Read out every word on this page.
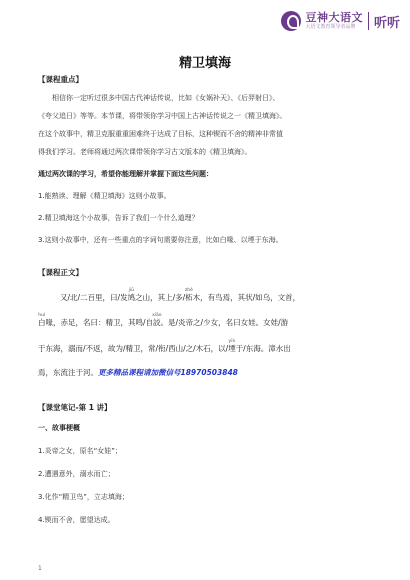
豆神大语文
大语文教育领导者品牌	听听
精卫填海

【课程重点】

相信你一定听过很多中国古代神话传说，比如《女娲补天》、《后羿射日》、

《夸父追日》等等。本节课，将带领你学习中国上古神话传说之一《精卫填海》。

在这个故事中，精卫克服重重困难终于达成了目标，这种锲而不舍的精神非常值

得我们学习。老师将通过两次课带领你学习古文版本的《精卫填海》。

通过两次课的学习，希望你能理解并掌握下面这些问题：

1.能熟读、理解《精卫填海》这则小故事。

2.精卫填海这个小故事，告诉了我们一个什么道理？

3.这则小故事中，还有一些重点的字词句需要你注意，比如白喙、以堙于东海。

【课程正文】

又/北/二百里，曰/发鸠jiū之山，其上/多/柘zhè木，有鸟焉，其状/如乌，文首，
白huì喙，赤足，名曰：精卫，其鸣/自詨xiāo。是/炎帝之/少女，名曰女娃。女娃/游
于东海，溺而/不返，故为/精卫，常/衔/西山/之/木石，以/堙yīn于/东海。漳水出
焉，东流注于河。更多精品课程请加微信号18970503848

【课堂笔记-第 1 讲】

一、故事梗概

1.炎帝之女，原名“女娃”；

2.遭遇意外，溺水而亡；

3.化作“精卫鸟”，立志填海；

4.锲而不舍，愿望达成。

1
